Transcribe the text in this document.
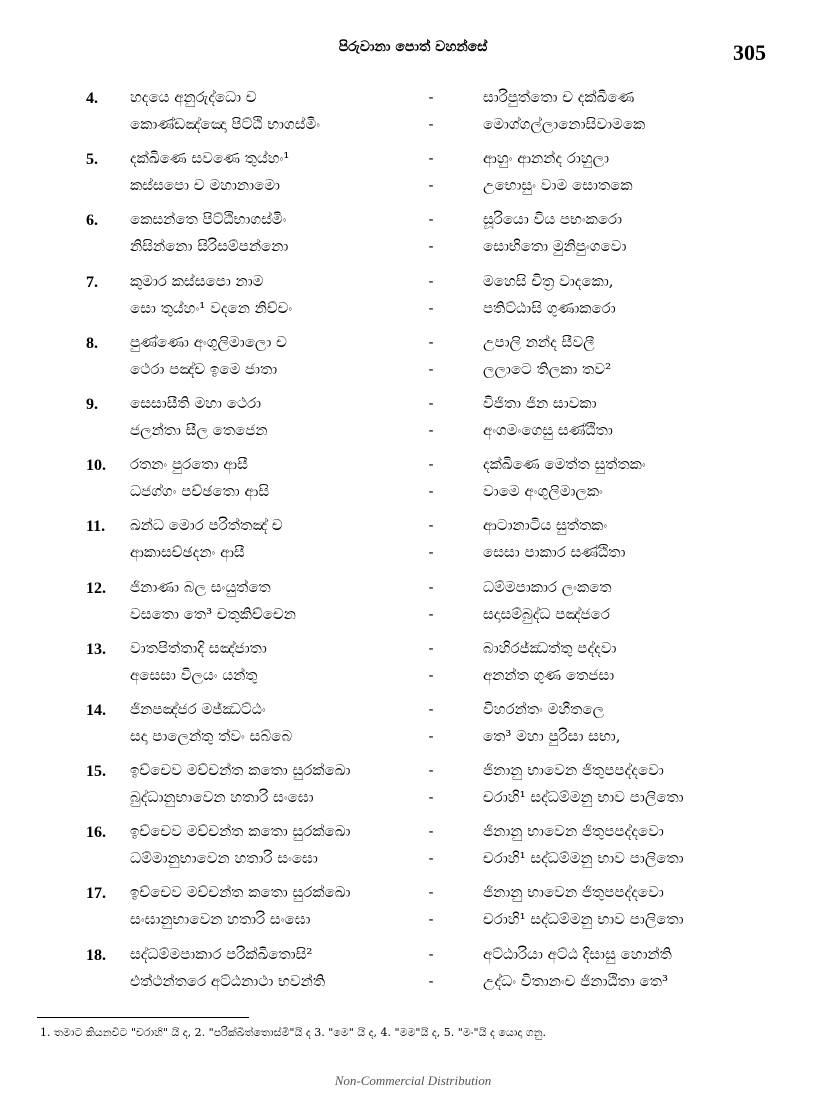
පිරුවානා පොත් වහන්සේ	305
4. හදයෙ අනුරුද්ධො ච	-	සාරිපුත්තො ච දක්ඛිණෙ
කොණ්ඩඤ්ඤො පිට්ඨි භාගස්මිං	-	මොග්ගල්ලානොසිවාමකෙ
5. දක්ඛිණෙ සවණෙ තුය්හං¹	-	ආහුං ආනන්ද රාහුලා
කස්සපො ච මහානාමො	-	උභොසුං වාම සොතකෙ
6. කෙසන්තෙ පිට්ඨිභාගස්මිං	-	සූරියො විය පභංකරො
නිසින්නො සිරිසම්පන්නො	-	සොභිතො මුනිපුංගවො
7. කුමාර කස්සපො නාම	-	මහෙසි චිත්‍ර වාදකො,
සො තුය්හං¹ වදනෙ නිච්චං	-	පතිට්ඨාසි ගුණාකරො
8. පුණ්ණො අංගුලිමාලො ච	-	උපාලි නන්ද සීවලී
ථෙරා පඤ්ච ඉමෙ ජාතා	-	ලලාටෙ තිලකා තව²
9. සෙසාසීති මහා ථෙරා	-	විජිතා ජින සාවකා
ජලන්තා සීල තෙජෙන	-	අංගමංගෙසු සණ්ඨිතා
10. රතනං පුරතො ආසී	-	දක්ඛිණෙ මෙත්ත සුත්තකං
ධජග්ගං පච්ඡතො ආසි	-	වාමෙ අංගුලිමාලකං
11. ඛන්ධ මොර පරිත්තඤ් ච	-	ආටානාටිය සුත්තකං
ආකාසච්ඡදනං ආසී	-	සෙසා පාකාර සණ්ඨිතා
12. ජිනාණා බල සංයුත්තෙ	-	ධම්මපාකාර ලංකතෙ
වසතො තෙ³ චතුකිච්චෙන	-	සදාසම්බුද්ධ පඤ්ජරෙ
13. වාතපිත්තාදි සඤ්ජාතා	-	බාහිරජ්ඣත්තු පද්දවා
අසෙසා විලයං යන්තු	-	අනන්ත ගුණ තෙජසා
14. ජිනපඤ්ජර මජ්ඣට්ඨං	-	විහරන්තං මහීතලෙ
සදා පාලෙන්තු ත්වං සබ්බෙ	-	තෙ³ මහා පුරිසා සභා,
15. ඉච්චෙව මච්චන්ත කතො සුරක්ඛො	-	ජිනානු භාවෙන ජිතුපපද්දවො
බුද්ධානුභාවෙන හතාරි සංඝො	-	චරාහි¹ සද්ධම්මනු භාව පාලිතො
16. ඉච්චෙව මච්චන්ත කතො සුරක්ඛො	-	ජිනානු භාවෙන ජිතුපපද්දවො
ධම්මානුභාවෙන හතාරි සංඝො	-	චරාහි¹ සද්ධම්මනු භාව පාලිතො
17. ඉච්චෙව මච්චන්ත කතො සුරක්ඛො	-	ජිනානු භාවෙන ජිතුපපද්දවො
සංඝානුභාවෙන හතාරි සංඝො	-	චරාහි¹ සද්ධම්මනු භාව පාලිතො
18. සද්ධම්මපාකාර පරික්ඛිතොසි²	-	අට්ඨාරියා අට්ඨ දිසාසු හොන්ති
එත්ථන්තරෙ අට්ඨනාථා භවන්ති	-	උද්ධං විතානංච ජිනාඨිතා තෙ³
1. තමාට කියනවිට "චරාහි" යි ද, 2. "පරික්ඛිත්තොස්මි"යි ද 3. "මෙ" යි ද, 4. "මම"යි ද, 5. "මං"යි ද යොදා ගනු.
Non-Commercial Distribution
